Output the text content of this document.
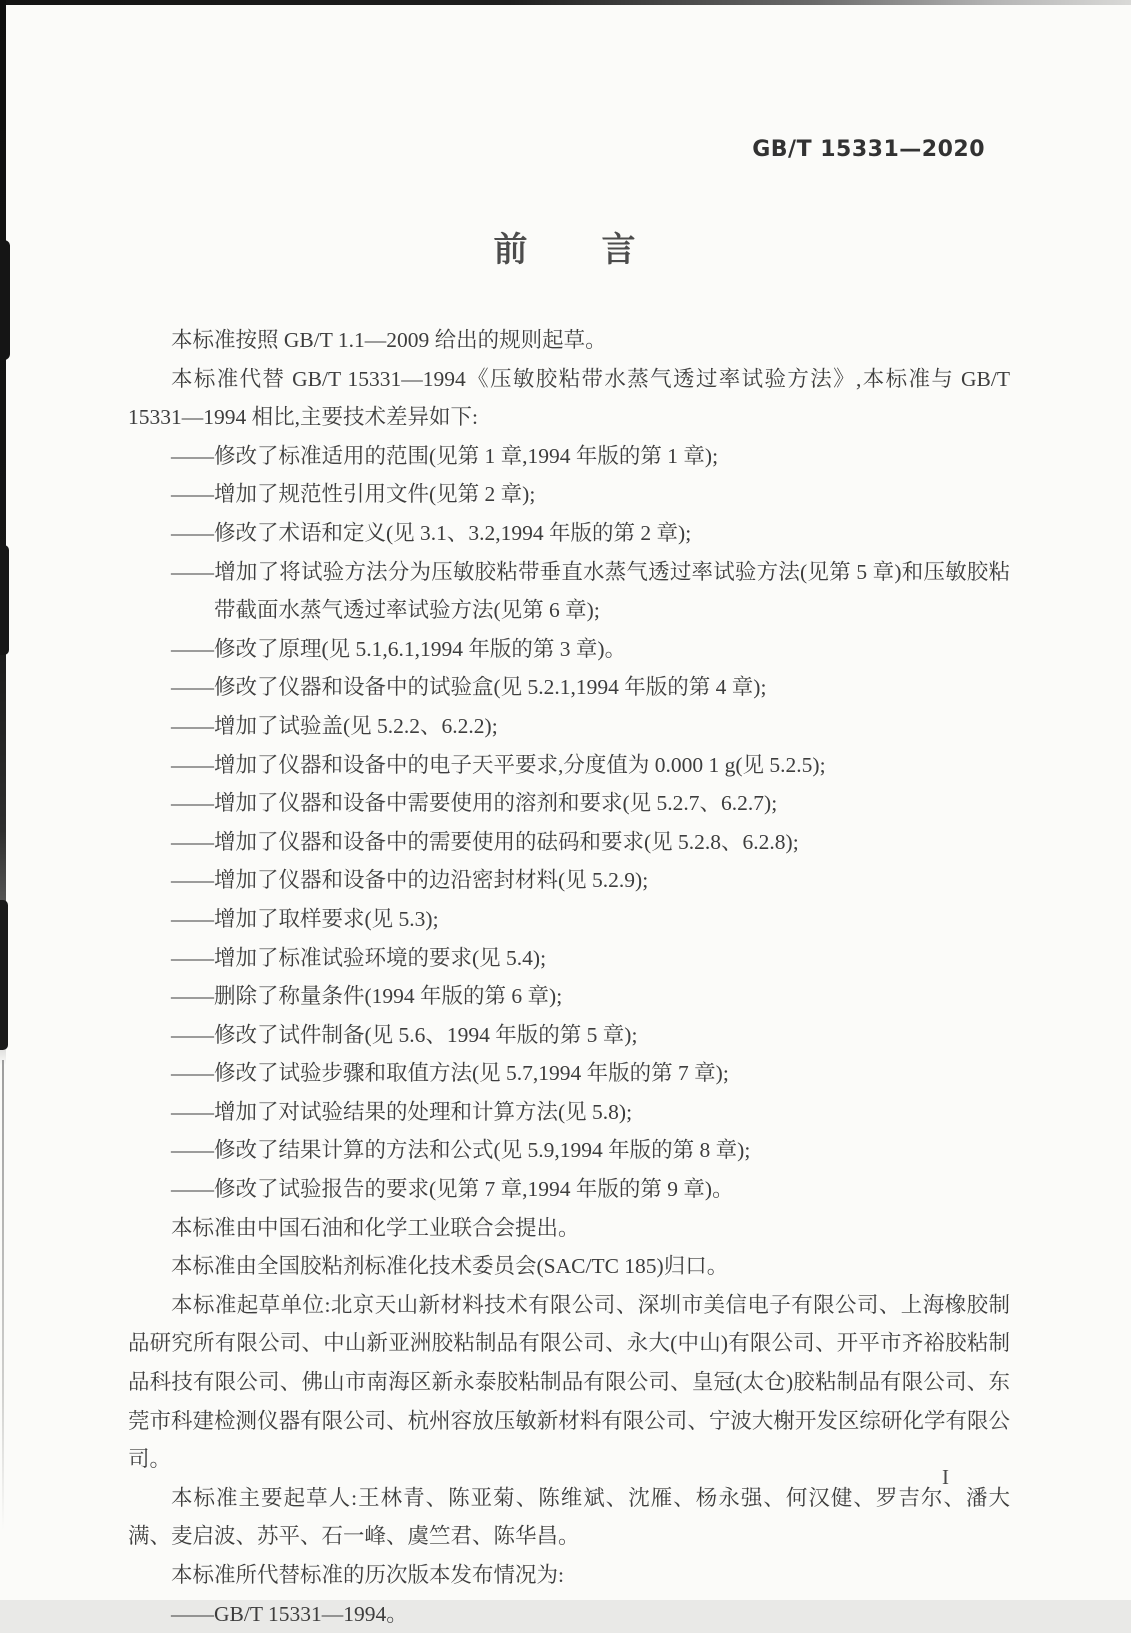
GB/T 15331—2020
前　　言
本标准按照 GB/T 1.1—2009 给出的规则起草。
本标准代替 GB/T 15331—1994《压敏胶粘带水蒸气透过率试验方法》,本标准与 GB/T 15331—1994 相比,主要技术差异如下:
——修改了标准适用的范围(见第 1 章,1994 年版的第 1 章);
——增加了规范性引用文件(见第 2 章);
——修改了术语和定义(见 3.1、3.2,1994 年版的第 2 章);
——增加了将试验方法分为压敏胶粘带垂直水蒸气透过率试验方法(见第 5 章)和压敏胶粘带截面水蒸气透过率试验方法(见第 6 章);
——修改了原理(见 5.1,6.1,1994 年版的第 3 章)。
——修改了仪器和设备中的试验盒(见 5.2.1,1994 年版的第 4 章);
——增加了试验盖(见 5.2.2、6.2.2);
——增加了仪器和设备中的电子天平要求,分度值为 0.000 1 g(见 5.2.5);
——增加了仪器和设备中需要使用的溶剂和要求(见 5.2.7、6.2.7);
——增加了仪器和设备中的需要使用的砝码和要求(见 5.2.8、6.2.8);
——增加了仪器和设备中的边沿密封材料(见 5.2.9);
——增加了取样要求(见 5.3);
——增加了标准试验环境的要求(见 5.4);
——删除了称量条件(1994 年版的第 6 章);
——修改了试件制备(见 5.6、1994 年版的第 5 章);
——修改了试验步骤和取值方法(见 5.7,1994 年版的第 7 章);
——增加了对试验结果的处理和计算方法(见 5.8);
——修改了结果计算的方法和公式(见 5.9,1994 年版的第 8 章);
——修改了试验报告的要求(见第 7 章,1994 年版的第 9 章)。
本标准由中国石油和化学工业联合会提出。
本标准由全国胶粘剂标准化技术委员会(SAC/TC 185)归口。
本标准起草单位:北京天山新材料技术有限公司、深圳市美信电子有限公司、上海橡胶制品研究所有限公司、中山新亚洲胶粘制品有限公司、永大(中山)有限公司、开平市齐裕胶粘制品科技有限公司、佛山市南海区新永泰胶粘制品有限公司、皇冠(太仓)胶粘制品有限公司、东莞市科建检测仪器有限公司、杭州容放压敏新材料有限公司、宁波大榭开发区综研化学有限公司。
本标准主要起草人:王林青、陈亚菊、陈维斌、沈雁、杨永强、何汉健、罗吉尔、潘大满、麦启波、苏平、石一峰、虞竺君、陈华昌。
本标准所代替标准的历次版本发布情况为:
——GB/T 15331—1994。
I
